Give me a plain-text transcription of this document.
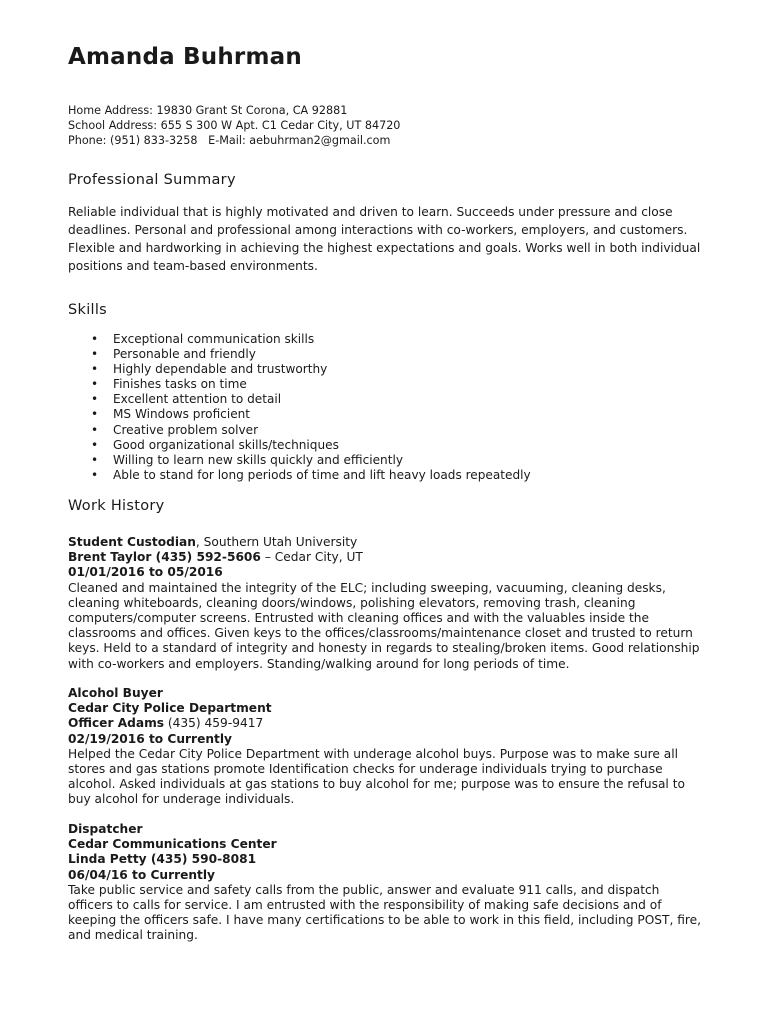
Amanda Buhrman
Home Address: 19830 Grant St Corona, CA 92881
School Address: 655 S 300 W Apt. C1 Cedar City, UT 84720
Phone: (951) 833-3258   E-Mail: aebuhrman2@gmail.com
Professional Summary

Reliable individual that is highly motivated and driven to learn. Succeeds under pressure and close deadlines. Personal and professional among interactions with co-workers, employers, and customers. Flexible and hardworking in achieving the highest expectations and goals. Works well in both individual positions and team-based environments.

Skills
• Exceptional communication skills
• Personable and friendly
• Highly dependable and trustworthy
• Finishes tasks on time
• Excellent attention to detail
• MS Windows proficient
• Creative problem solver
• Good organizational skills/techniques
• Willing to learn new skills quickly and efficiently
• Able to stand for long periods of time and lift heavy loads repeatedly
Work History

Student Custodian, Southern Utah University

Brent Taylor (435) 592-5606 – Cedar City, UT

01/01/2016 to 05/2016

Cleaned and maintained the integrity of the ELC; including sweeping, vacuuming, cleaning desks, cleaning whiteboards, cleaning doors/windows, polishing elevators, removing trash, cleaning computers/computer screens. Entrusted with cleaning offices and with the valuables inside the classrooms and offices. Given keys to the offices/classrooms/maintenance closet and trusted to return keys. Held to a standard of integrity and honesty in regards to stealing/broken items. Good relationship with co-workers and employers. Standing/walking around for long periods of time.

Alcohol Buyer

Cedar City Police Department

Officer Adams (435) 459-9417

02/19/2016 to Currently

Helped the Cedar City Police Department with underage alcohol buys. Purpose was to make sure all stores and gas stations promote Identification checks for underage individuals trying to purchase alcohol. Asked individuals at gas stations to buy alcohol for me; purpose was to ensure the refusal to buy alcohol for underage individuals.

Dispatcher

Cedar Communications Center

Linda Petty (435) 590-8081

06/04/16 to Currently

Take public service and safety calls from the public, answer and evaluate 911 calls, and dispatch officers to calls for service. I am entrusted with the responsibility of making safe decisions and of keeping the officers safe. I have many certifications to be able to work in this field, including POST, fire, and medical training.
